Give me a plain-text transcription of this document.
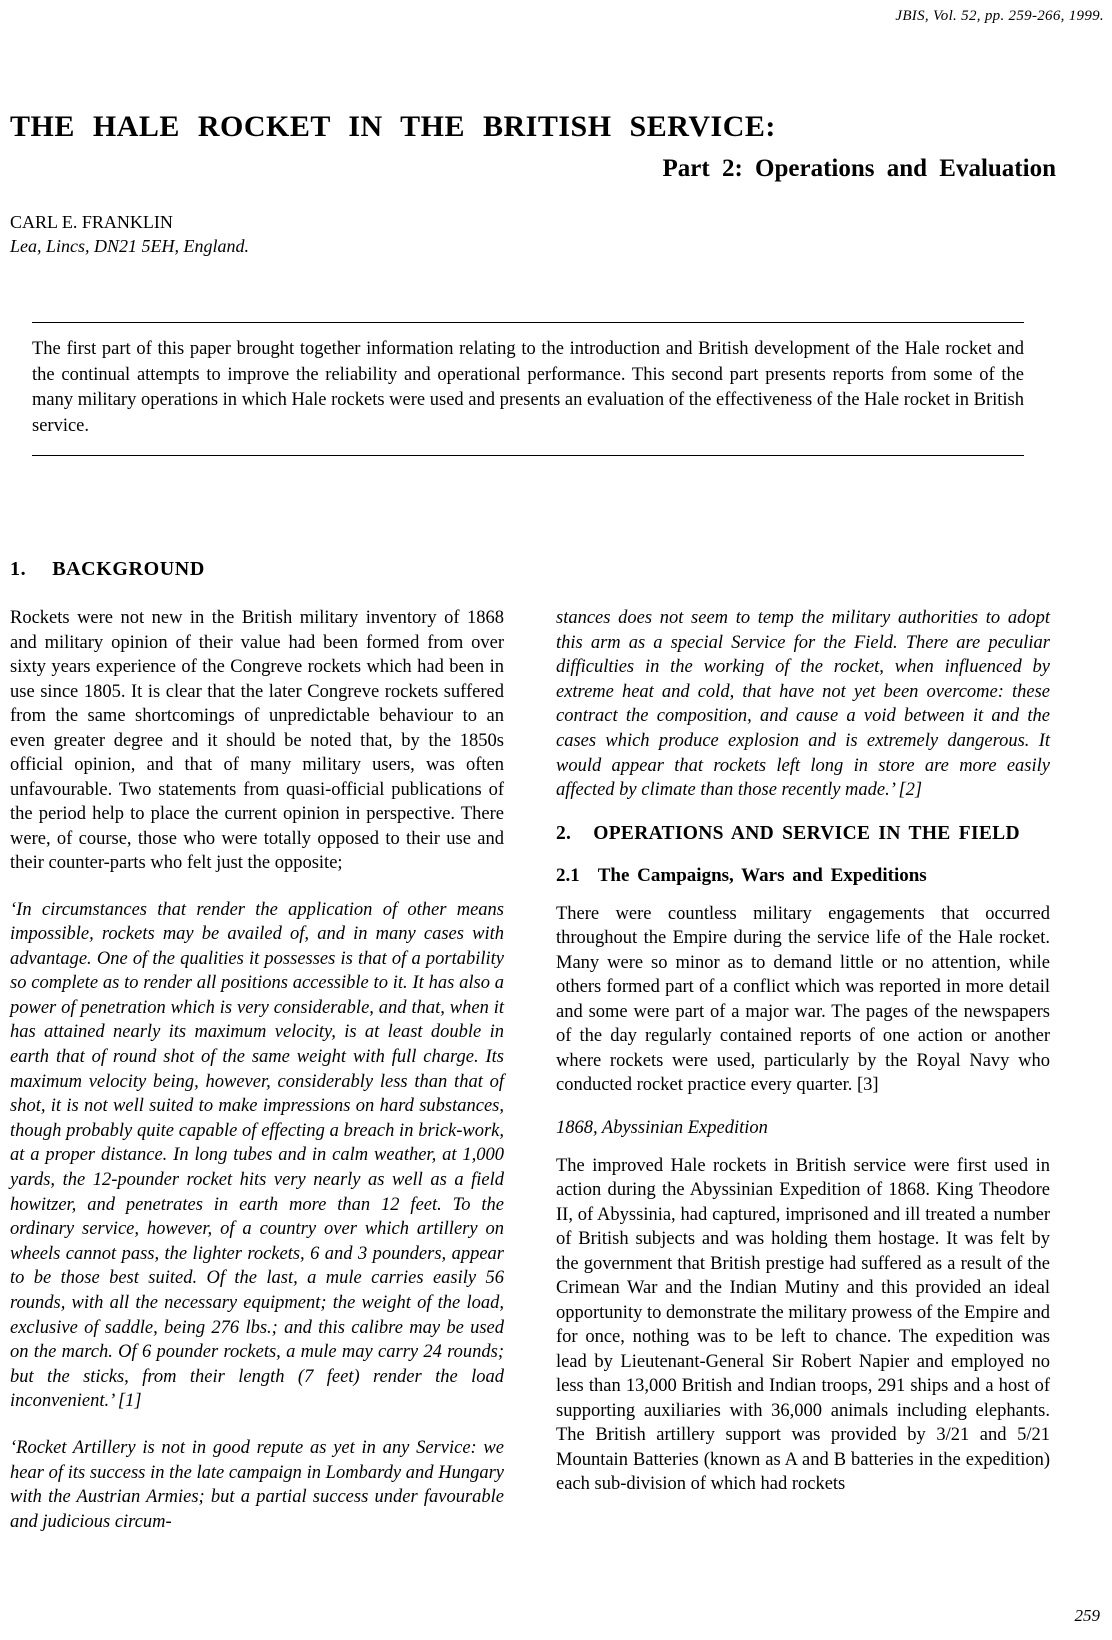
JBIS, Vol. 52, pp. 259-266, 1999.
THE HALE ROCKET IN THE BRITISH SERVICE:
Part 2: Operations and Evaluation
CARL E. FRANKLIN
Lea, Lincs, DN21 5EH, England.

The first part of this paper brought together information relating to the introduction and British development of the Hale rocket and the continual attempts to improve the reliability and operational performance. This second part presents reports from some of the many military operations in which Hale rockets were used and presents an evaluation of the effectiveness of the Hale rocket in British service.

1. BACKGROUND

Rockets were not new in the British military inventory of 1868 and military opinion of their value had been formed from over sixty years experience of the Congreve rockets which had been in use since 1805. It is clear that the later Congreve rockets suffered from the same shortcomings of unpredictable behaviour to an even greater degree and it should be noted that, by the 1850s official opinion, and that of many military users, was often unfavourable. Two statements from quasi-official publications of the period help to place the current opinion in perspective. There were, of course, those who were totally opposed to their use and their counter-parts who felt just the opposite;

‘In circumstances that render the application of other means impossible, rockets may be availed of, and in many cases with advantage. One of the qualities it possesses is that of a portability so complete as to render all positions accessible to it. It has also a power of penetration which is very considerable, and that, when it has attained nearly its maximum velocity, is at least double in earth that of round shot of the same weight with full charge. Its maximum velocity being, however, considerably less than that of shot, it is not well suited to make impressions on hard substances, though probably quite capable of effecting a breach in brick-work, at a proper distance. In long tubes and in calm weather, at 1,000 yards, the 12-pounder rocket hits very nearly as well as a field howitzer, and penetrates in earth more than 12 feet. To the ordinary service, however, of a country over which artillery on wheels cannot pass, the lighter rockets, 6 and 3 pounders, appear to be those best suited. Of the last, a mule carries easily 56 rounds, with all the necessary equipment; the weight of the load, exclusive of saddle, being 276 lbs.; and this calibre may be used on the march. Of 6 pounder rockets, a mule may carry 24 rounds; but the sticks, from their length (7 feet) render the load inconvenient.’ [1]

‘Rocket Artillery is not in good repute as yet in any Service: we hear of its success in the late campaign in Lombardy and Hungary with the Austrian Armies; but a partial success under favourable and judicious circum-

stances does not seem to temp the military authorities to adopt this arm as a special Service for the Field. There are peculiar difficulties in the working of the rocket, when influenced by extreme heat and cold, that have not yet been overcome: these contract the composition, and cause a void between it and the cases which produce explosion and is extremely dangerous. It would appear that rockets left long in store are more easily affected by climate than those recently made.’ [2]

2. OPERATIONS AND SERVICE IN THE FIELD

2.1 The Campaigns, Wars and Expeditions

There were countless military engagements that occurred throughout the Empire during the service life of the Hale rocket. Many were so minor as to demand little or no attention, while others formed part of a conflict which was reported in more detail and some were part of a major war. The pages of the newspapers of the day regularly contained reports of one action or another where rockets were used, particularly by the Royal Navy who conducted rocket practice every quarter. [3]

1868, Abyssinian Expedition

The improved Hale rockets in British service were first used in action during the Abyssinian Expedition of 1868. King Theodore II, of Abyssinia, had captured, imprisoned and ill treated a number of British subjects and was holding them hostage. It was felt by the government that British prestige had suffered as a result of the Crimean War and the Indian Mutiny and this provided an ideal opportunity to demonstrate the military prowess of the Empire and for once, nothing was to be left to chance. The expedition was lead by Lieutenant-General Sir Robert Napier and employed no less than 13,000 British and Indian troops, 291 ships and a host of supporting auxiliaries with 36,000 animals including elephants. The British artillery support was provided by 3/21 and 5/21 Mountain Batteries (known as A and B batteries in the expedition) each sub-division of which had rockets

259
